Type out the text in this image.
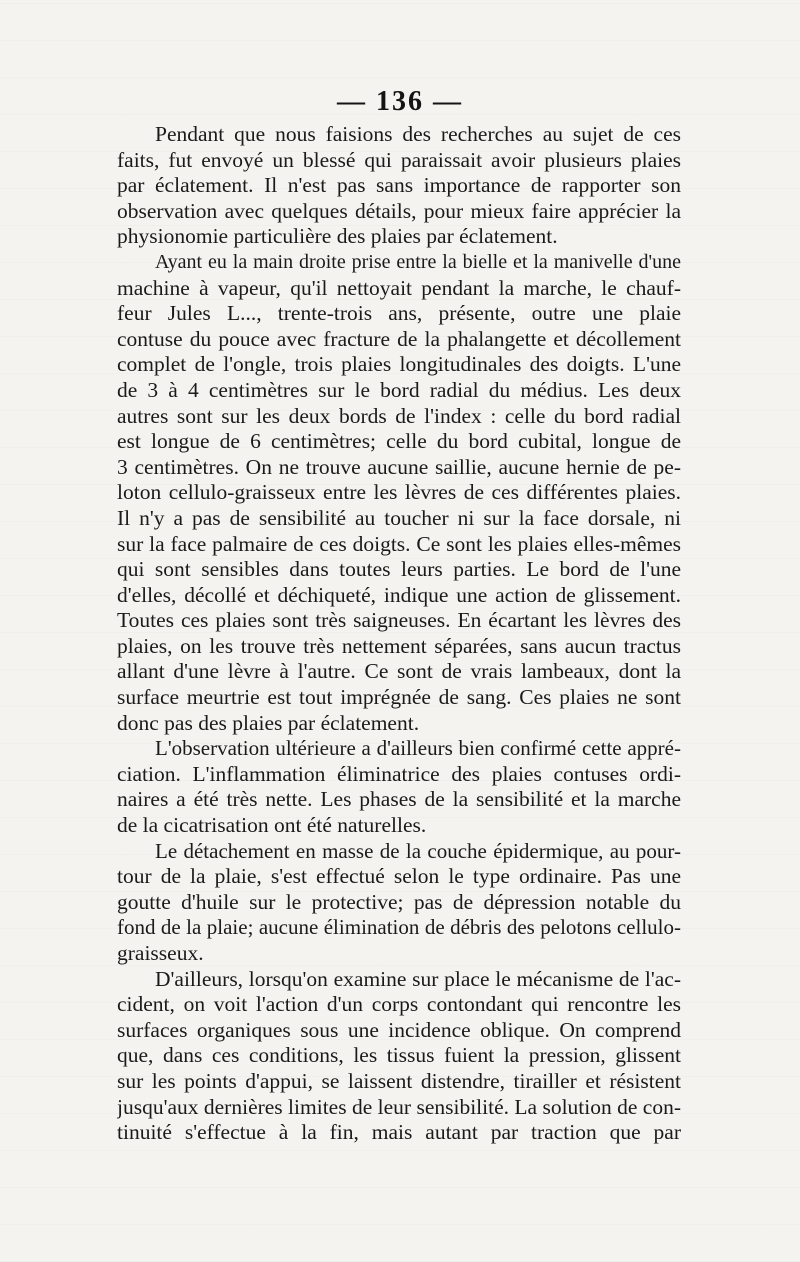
— 136 —
Pendant que nous faisions des recherches au sujet de ces
faits, fut envoyé un blessé qui paraissait avoir plusieurs plaies
par éclatement. Il n'est pas sans importance de rapporter son
observation avec quelques détails, pour mieux faire apprécier la
physionomie particulière des plaies par éclatement.
Ayant eu la main droite prise entre la bielle et la manivelle d'une
machine à vapeur, qu'il nettoyait pendant la marche, le chauf-
feur Jules L..., trente-trois ans, présente, outre une plaie
contuse du pouce avec fracture de la phalangette et décollement
complet de l'ongle, trois plaies longitudinales des doigts. L'une
de 3 à 4 centimètres sur le bord radial du médius. Les deux
autres sont sur les deux bords de l'index : celle du bord radial
est longue de 6 centimètres; celle du bord cubital, longue de
3 centimètres. On ne trouve aucune saillie, aucune hernie de pe-
loton cellulo-graisseux entre les lèvres de ces différentes plaies.
Il n'y a pas de sensibilité au toucher ni sur la face dorsale, ni
sur la face palmaire de ces doigts. Ce sont les plaies elles-mêmes
qui sont sensibles dans toutes leurs parties. Le bord de l'une
d'elles, décollé et déchiqueté, indique une action de glissement.
Toutes ces plaies sont très saigneuses. En écartant les lèvres des
plaies, on les trouve très nettement séparées, sans aucun tractus
allant d'une lèvre à l'autre. Ce sont de vrais lambeaux, dont la
surface meurtrie est tout imprégnée de sang. Ces plaies ne sont
donc pas des plaies par éclatement.
L'observation ultérieure a d'ailleurs bien confirmé cette appré-
ciation. L'inflammation éliminatrice des plaies contuses ordi-
naires a été très nette. Les phases de la sensibilité et la marche
de la cicatrisation ont été naturelles.
Le détachement en masse de la couche épidermique, au pour-
tour de la plaie, s'est effectué selon le type ordinaire. Pas une
goutte d'huile sur le protective; pas de dépression notable du
fond de la plaie; aucune élimination de débris des pelotons cellulo-
graisseux.
D'ailleurs, lorsqu'on examine sur place le mécanisme de l'ac-
cident, on voit l'action d'un corps contondant qui rencontre les
surfaces organiques sous une incidence oblique. On comprend
que, dans ces conditions, les tissus fuient la pression, glissent
sur les points d'appui, se laissent distendre, tirailler et résistent
jusqu'aux dernières limites de leur sensibilité. La solution de con-
tinuité s'effectue à la fin, mais autant par traction que par
